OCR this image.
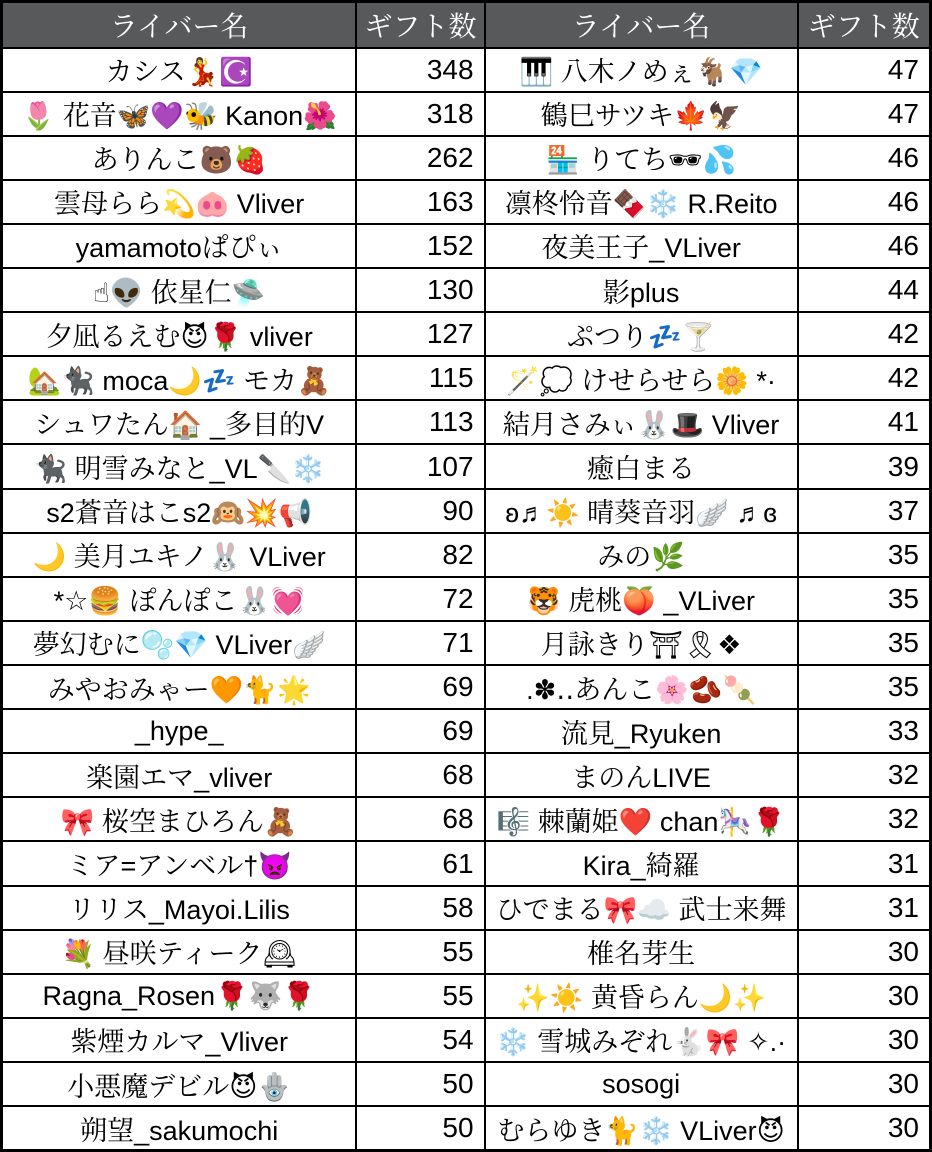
ライバー名	ギフト数	ライバー名	ギフト数
カシス💃☪️	348	🎹 八木ノめぇ🐐💎	47
🌷 花音🦋💜🐝 Kanon🌺	318	鶴巳サツキ🍁🦅	47
ありんこ🐻🍓	262	🏪 りてち🕶💦	46
雲母らら💫🐽 Vliver	163	凛柊怜音🍫❄️ R.Reito	46
yamamotoぱぴぃ	152	夜美王子_VLiver	46
☝︎👽 依星仁🛸	130	影plus	44
夕凪るえむ😈🌹 vliver	127	ぷつり💤🍸	42
🏡🐈‍⬛ moca🌙💤 モカ🧸	115	🪄💭 けせらせら🌼 *·	42
シュワたん🏠 _多目的V	113	結月さみぃ🐰🎩 Vliver	41
🐈‍⬛ 明雪みなと_VL🔪❄️	107	癒白まる	39
s2蒼音はこs2🙉💥📢	90	ʚ♬☀️ 晴葵音羽🪽 ♬ɞ	37
🌙 美月ユキノ🐰 VLiver	82	みの🌿	35
*☆🍔 ぽんぽこ🐰💓	72	🐯 虎桃🍑 _VLiver	35
夢幻むに🫧💎 VLiver🪽	71	月詠きり⛩︎🎗❖	35
みやおみゃー🧡🐈🌟	69	.✽‥あんこ🌸🫘🍡	35
_hype_	69	流見_Ryuken	33
楽園エマ_vliver	68	まのんLIVE	32
🎀 桜空まひろん🧸	68	🎼 棘蘭姫❤️ chan🎠🌹	32
ミア=アンベル†👿	61	Kira_綺羅	31
リリス_Mayoi.Lilis	58	ひでまる🎀☁️ 武士来舞	31
💐 昼咲ティーク🕰	55	椎名芽生	30
Ragna_Rosen🌹🐺🌹	55	✨☀️ 黄昏らん🌙✨	30
紫煙カルマ_Vliver	54	❄️ 雪城みぞれ🐇🎀 ✧.·	30
小悪魔デビル😈🪬	50	sosogi	30
朔望_sakumochi	50	むらゆき🐈❄️ VLiver😈	30
